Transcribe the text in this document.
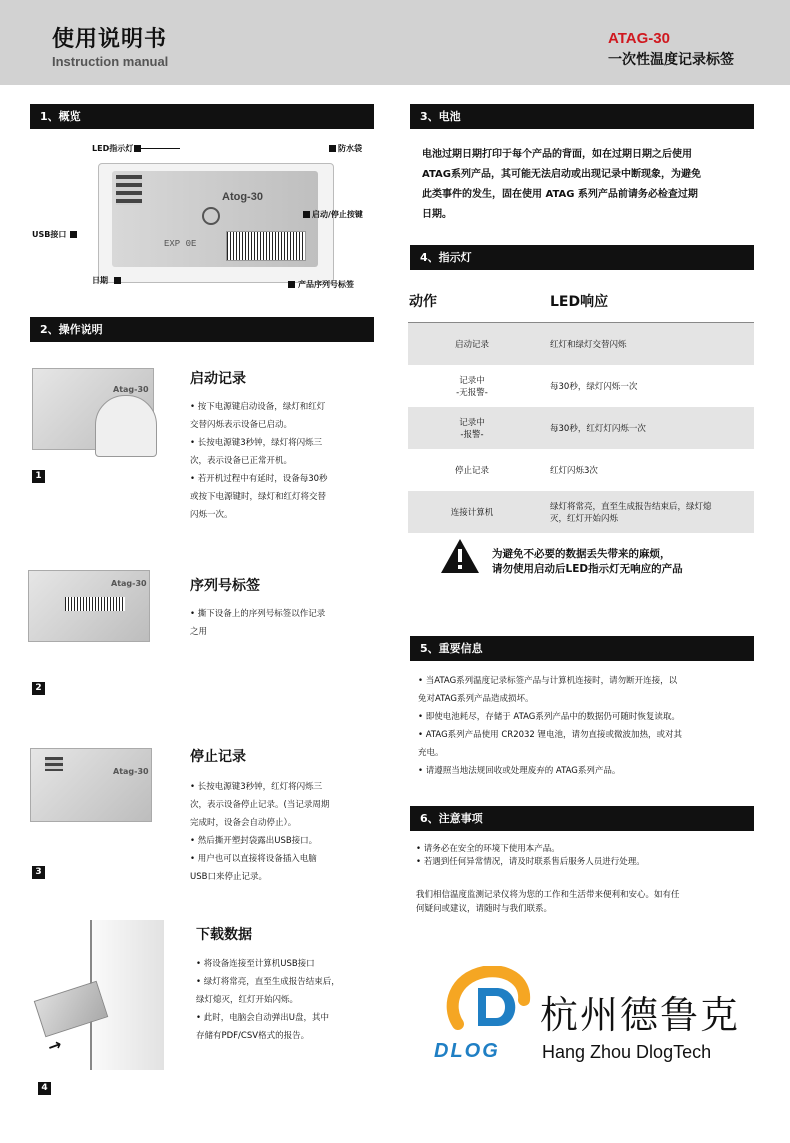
使用说明书
Instruction manual
ATAG-30
一次性温度记录标签
1、概览
Atog-30
EXP 0E
LED指示灯	防水袋
USB接口
启动/停止按键
日期	产品序列号标签
2、操作说明
Atag-30
1
启动记录
• 按下电源键启动设备，绿灯和红灯
交替闪烁表示设备已启动。
• 长按电源键3秒钟，绿灯将闪烁三
次，表示设备已正常开机。
• 若开机过程中有延时，设备每30秒
或按下电源键时，绿灯和红灯将交替
闪烁一次。
Atag-30
2
序列号标签
• 撕下设备上的序列号标签以作记录
之用
Atag-30
3
停止记录
• 长按电源键3秒钟，红灯将闪烁三
次，表示设备停止记录。(当记录周期
完成时，设备会自动停止）。
• 然后撕开塑封袋露出USB接口。
• 用户也可以直接将设备插入电脑
USB口来停止记录。
→
4
下载数据
• 将设备连接至计算机USB接口
• 绿灯将常亮，直至生成报告结束后，
绿灯熄灭，红灯开始闪烁。
• 此时，电脑会自动弹出U盘，其中
存储有PDF/CSV格式的报告。
3、电池
电池过期日期打印于每个产品的背面，如在过期日期之后使用
ATAG系列产品，其可能无法启动或出现记录中断现象，为避免
此类事件的发生，固在使用 ATAG 系列产品前请务必检查过期
日期。
4、指示灯
动作	LED响应
启动记录	红灯和绿灯交替闪烁
记录中
-无报警-	每30秒，绿灯闪烁一次
记录中
-报警-	每30秒，红灯灯闪烁一次
停止记录	红灯闪烁3次
连接计算机	绿灯将常亮，直至生成报告结束后，绿灯熄
灭，红灯开始闪烁
为避免不必要的数据丢失带来的麻烦，
请勿使用启动后LED指示灯无响应的产品
5、重要信息
• 当ATAG系列温度记录标签产品与计算机连接时，请勿断开连接，以
免对ATAG系列产品造成损坏。
• 即使电池耗尽，存储于 ATAG系列产品中的数据仍可随时恢复读取。
• ATAG系列产品使用 CR2032 锂电池，请勿直接或微波加热，或对其
充电。
• 请遵照当地法规回收或处理废弃的 ATAG系列产品。
6、注意事项
• 请务必在安全的环境下使用本产品。
• 若遇到任何异常情况，请及时联系售后服务人员进行处理。
我们相信温度监测记录仪将为您的工作和生活带来便利和安心。如有任
何疑问或建议，请随时与我们联系。
DLOG
杭州德鲁克
Hang Zhou DlogTech
